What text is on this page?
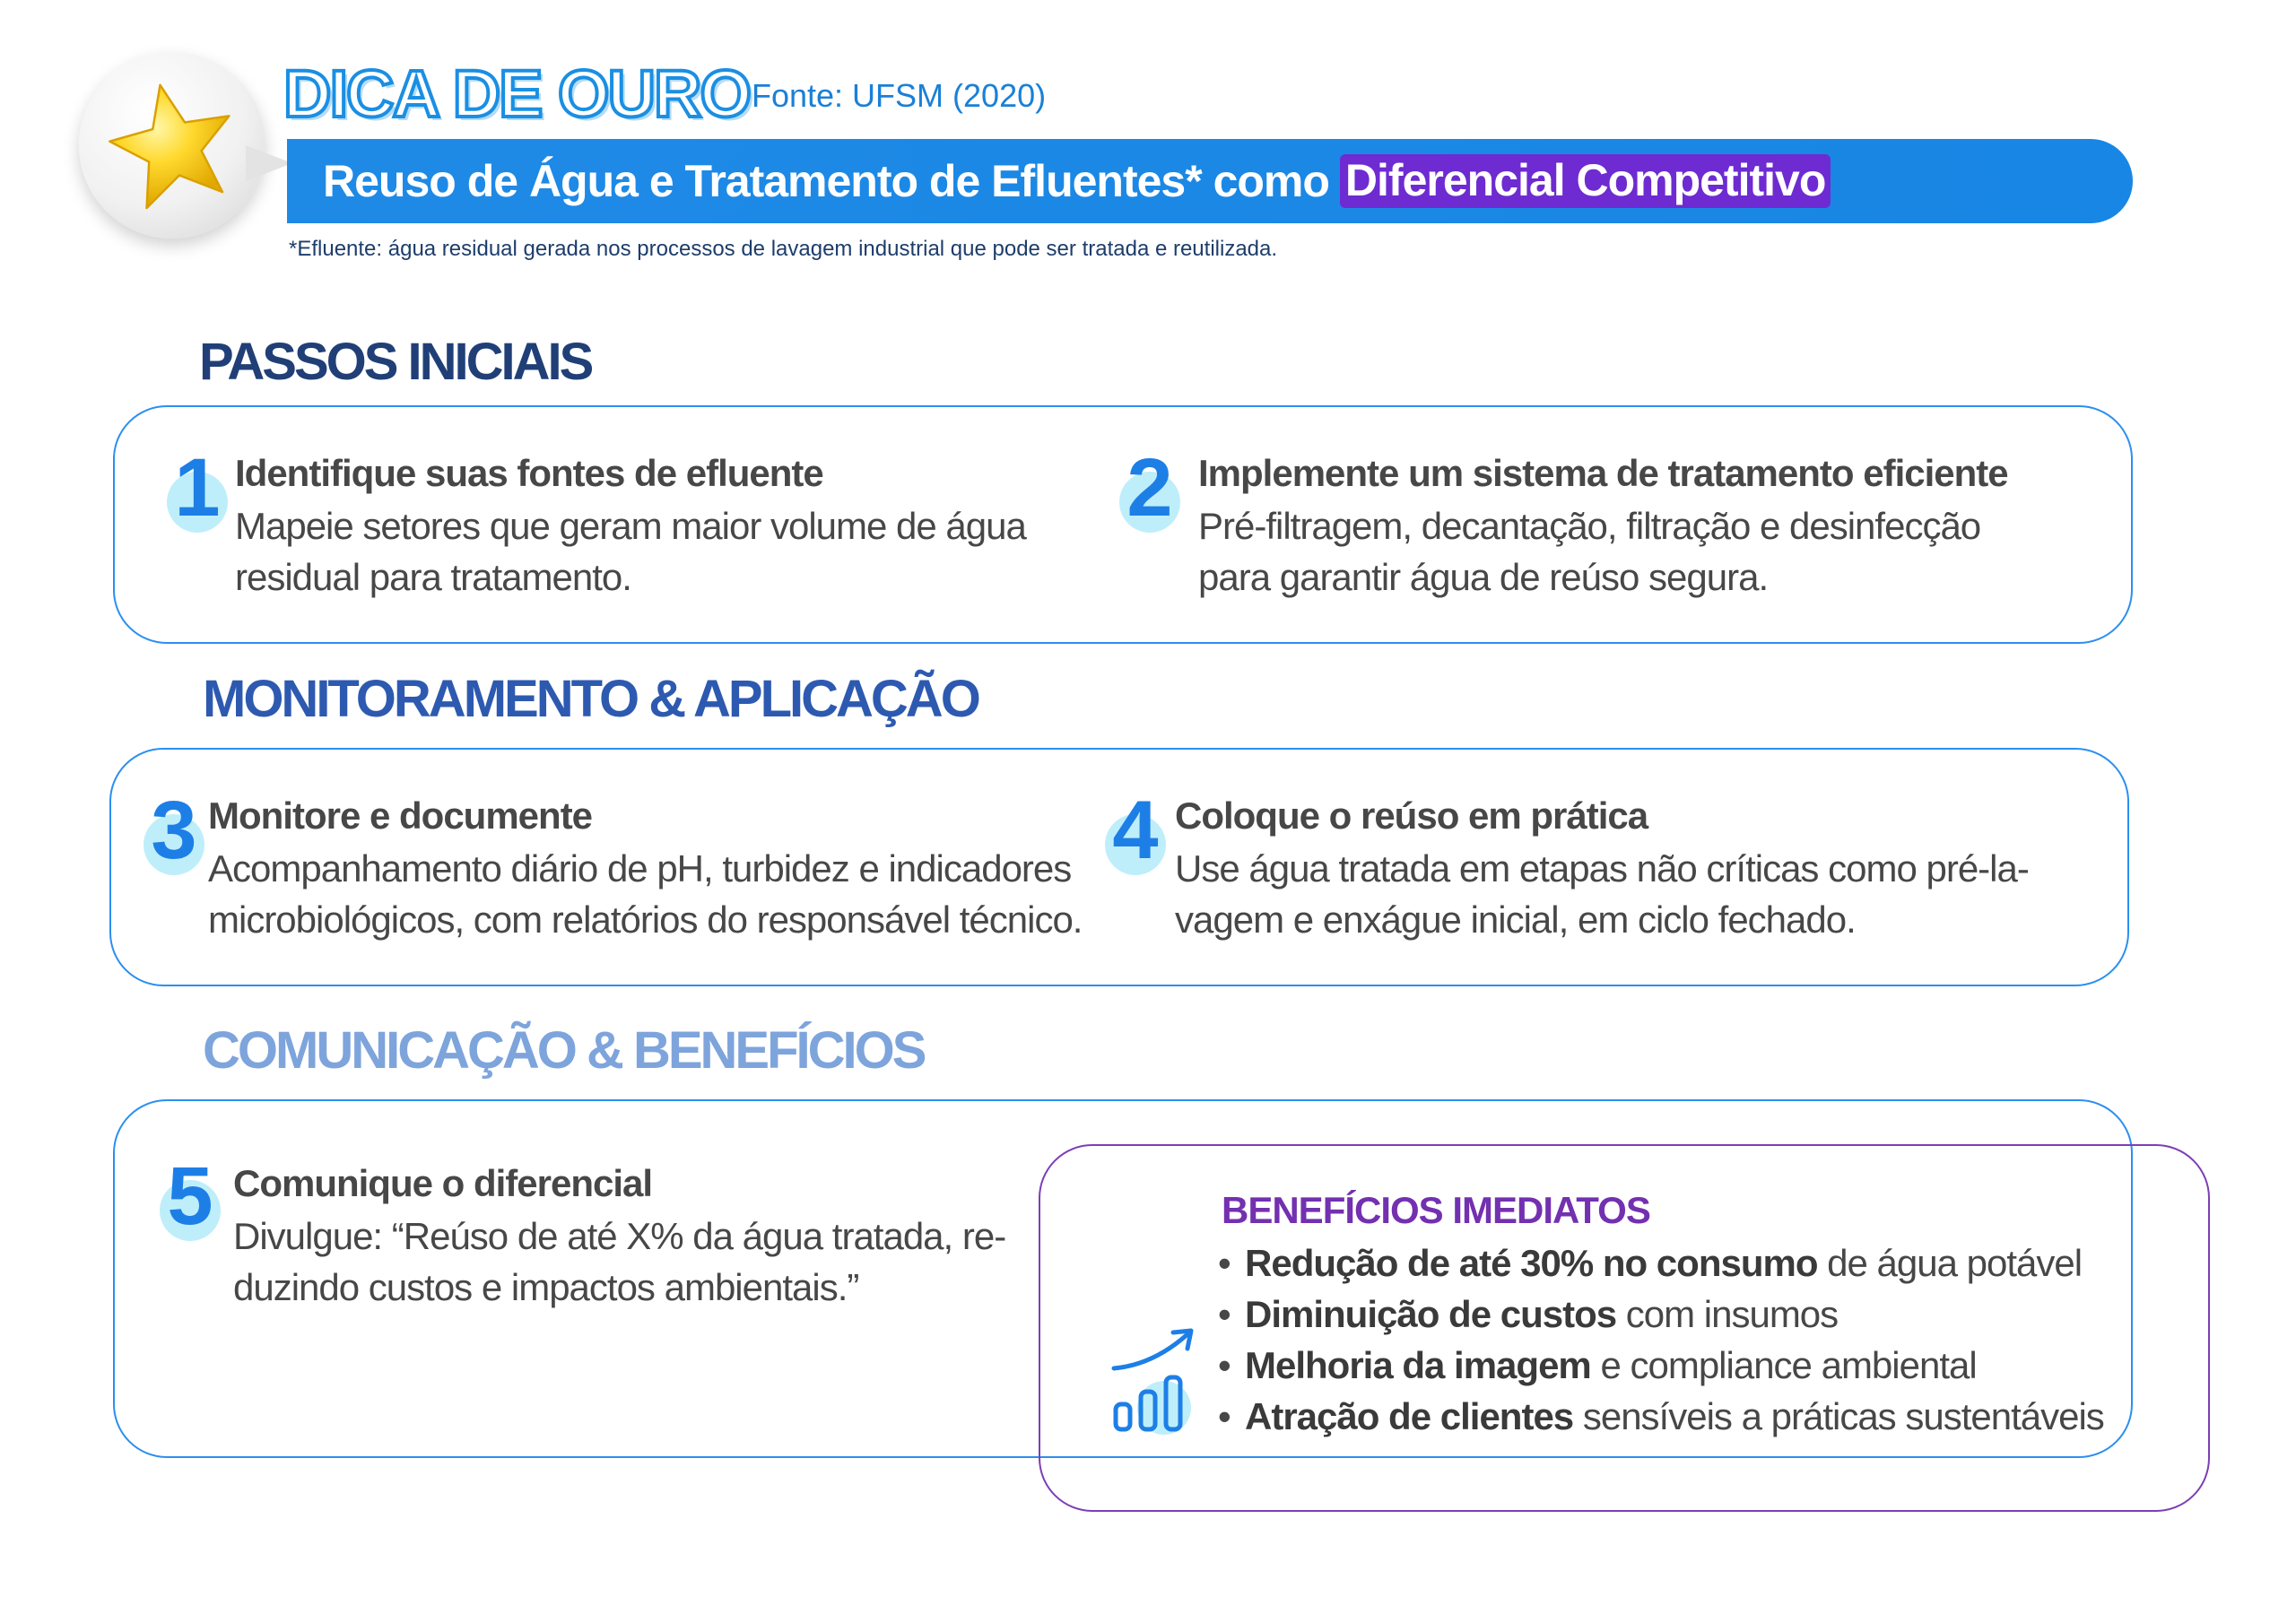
DICA DE OURO Fonte: UFSM (2020)
Reuso de Água e Tratamento de Efluentes* como Diferencial Competitivo
*Efluente: água residual gerada nos processos de lavagem industrial que pode ser tratada e reutilizada.
PASSOS INICIAIS
1 Identifique suas fontes de efluente
Mapeie setores que geram maior volume de água
residual para tratamento.
2 Implemente um sistema de tratamento eficiente
Pré-filtragem, decantação, filtração e desinfecção
para garantir água de reúso segura.
MONITORAMENTO & APLICAÇÃO
3 Monitore e documente
Acompanhamento diário de pH, turbidez e indicadores
microbiológicos, com relatórios do responsável técnico.
4 Coloque o reúso em prática
Use água tratada em etapas não críticas como pré-la-
vagem e enxágue inicial, em ciclo fechado.
COMUNICAÇÃO & BENEFÍCIOS
5 Comunique o diferencial
Divulgue: “Reúso de até X% da água tratada, re-
duzindo custos e impactos ambientais.”
BENEFÍCIOS IMEDIATOS
• Redução de até 30% no consumo de água potável
• Diminuição de custos com insumos
• Melhoria da imagem e compliance ambiental
• Atração de clientes sensíveis a práticas sustentáveis
